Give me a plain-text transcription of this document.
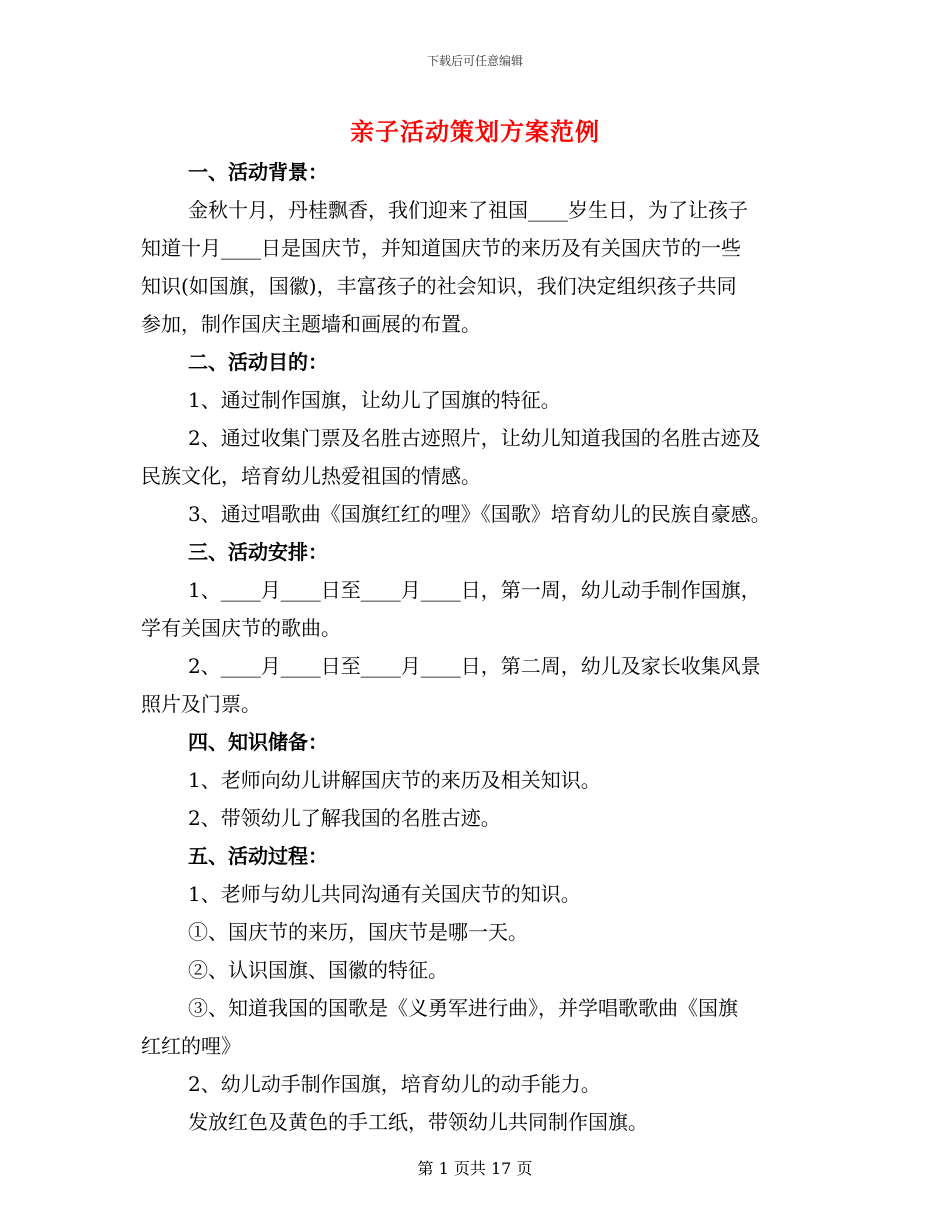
下载后可任意编辑
亲子活动策划方案范例
一、活动背景：
金秋十月，丹桂飘香，我们迎来了祖国____岁生日，为了让孩子
知道十月____日是国庆节，并知道国庆节的来历及有关国庆节的一些
知识(如国旗，国徽)，丰富孩子的社会知识，我们决定组织孩子共同
参加，制作国庆主题墙和画展的布置。
二、活动目的：
1、通过制作国旗，让幼儿了国旗的特征。
2、通过收集门票及名胜古迹照片，让幼儿知道我国的名胜古迹及
民族文化，培育幼儿热爱祖国的情感。
3、通过唱歌曲《国旗红红的哩》《国歌》培育幼儿的民族自豪感。
三、活动安排：
1、____月____日至____月____日，第一周，幼儿动手制作国旗，
学有关国庆节的歌曲。
2、____月____日至____月____日，第二周，幼儿及家长收集风景
照片及门票。
四、知识储备：
1、老师向幼儿讲解国庆节的来历及相关知识。
2、带领幼儿了解我国的名胜古迹。
五、活动过程：
1、老师与幼儿共同沟通有关国庆节的知识。
①、国庆节的来历，国庆节是哪一天。
②、认识国旗、国徽的特征。
③、知道我国的国歌是《义勇军进行曲》，并学唱歌歌曲《国旗
红红的哩》
2、幼儿动手制作国旗，培育幼儿的动手能力。
发放红色及黄色的手工纸，带领幼儿共同制作国旗。
第 1 页共 17 页
